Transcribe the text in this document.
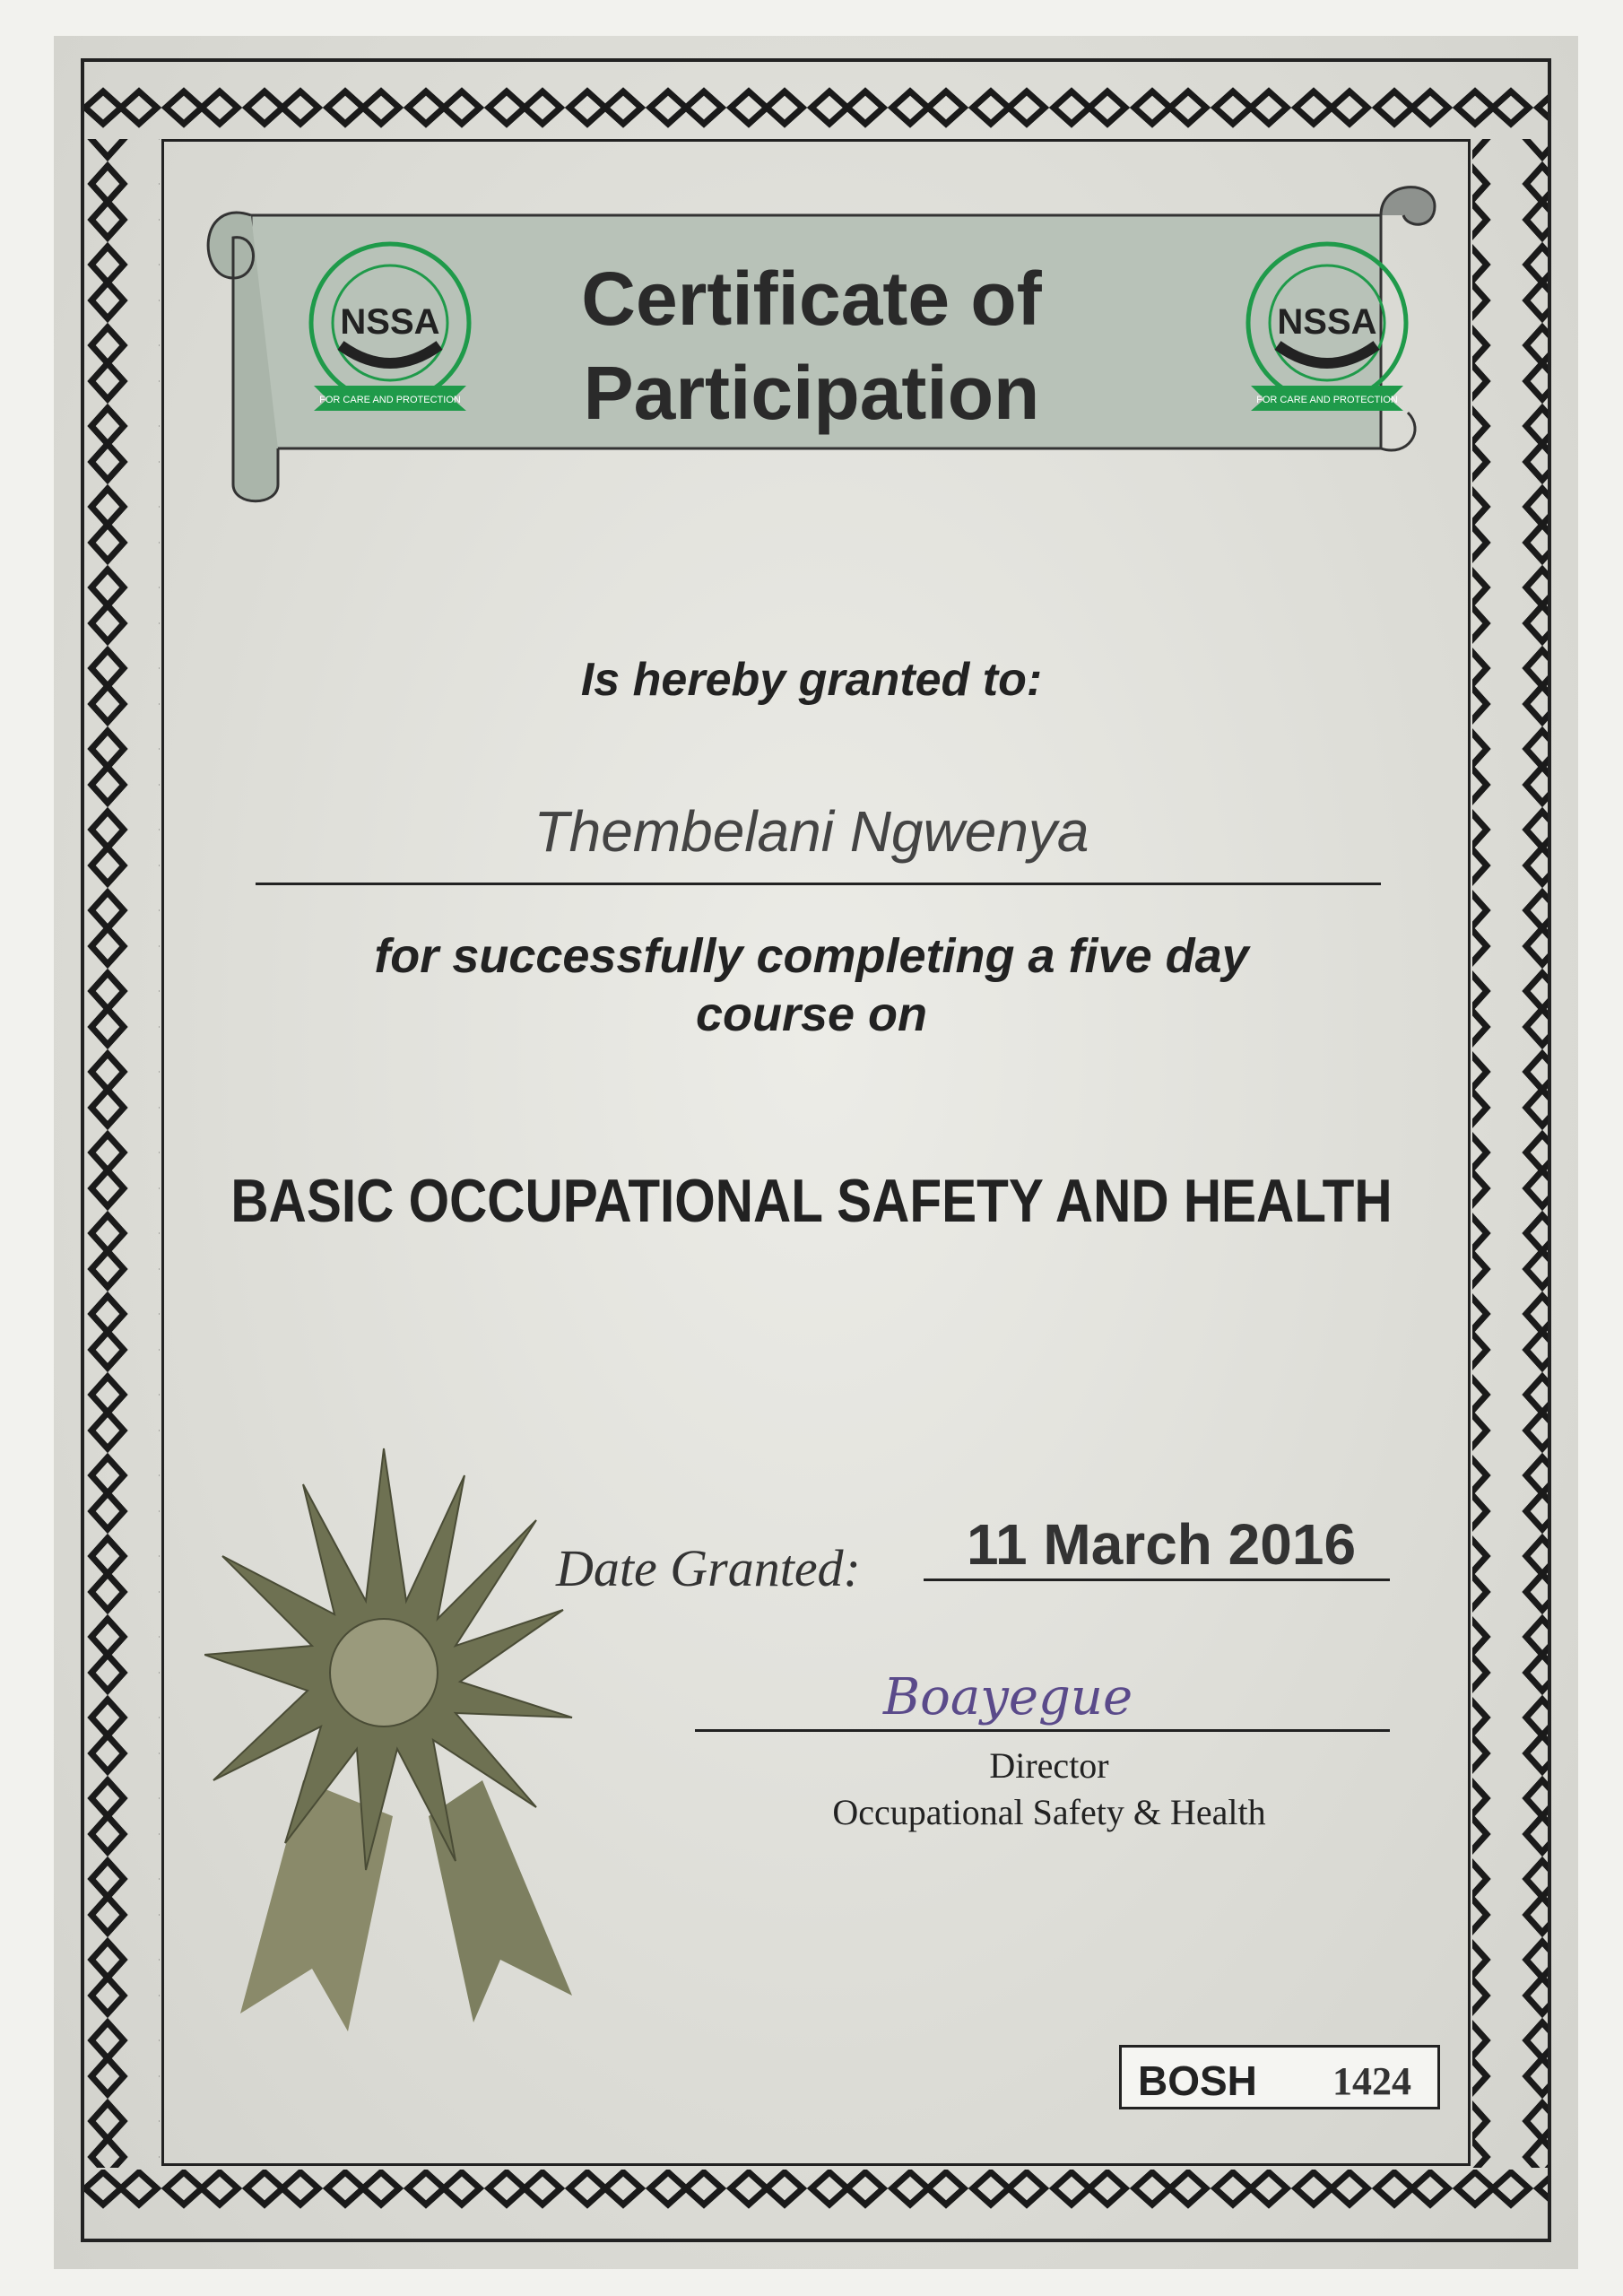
NSSA
FOR CARE AND PROTECTION
NSSA
FOR CARE AND PROTECTION
Certificate of
Participation
Is hereby granted to:
Thembelani Ngwenya
for successfully completing a five day
course on
BASIC OCCUPATIONAL SAFETY AND HEALTH
Date Granted:	11 March 2016
Boayegue
Director
Occupational Safety & Health
BOSH 1424
